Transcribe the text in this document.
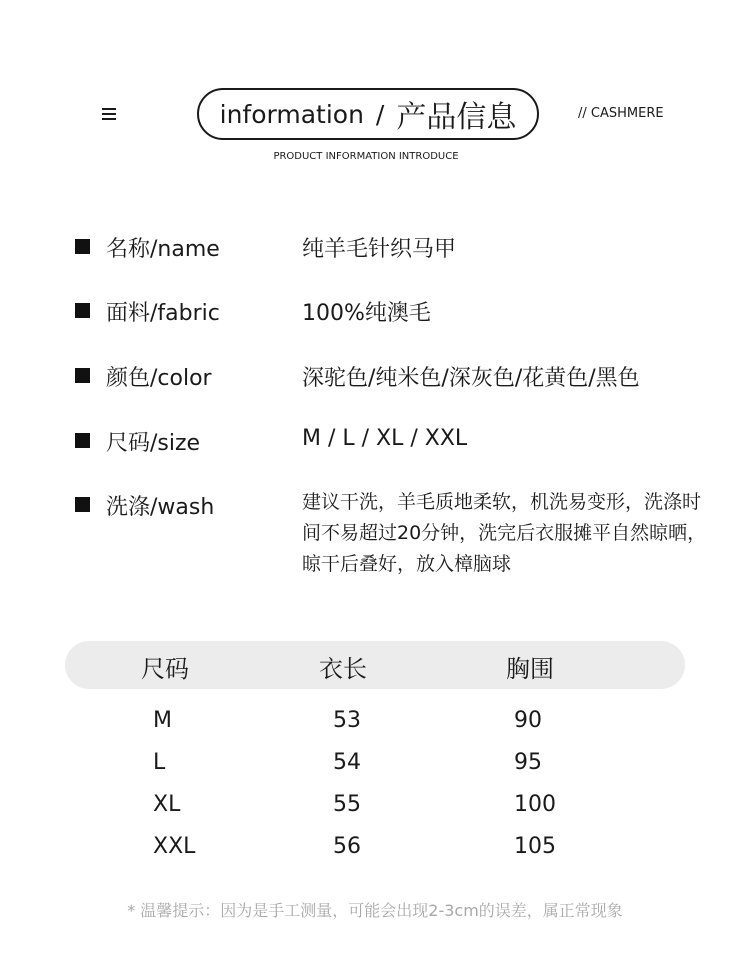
information / 产品信息	// CASHMERE
PRODUCT INFORMATION INTRODUCE
名称/name	纯羊毛针织马甲
面料/fabric	100%纯澳毛
颜色/color	深驼色/纯米色/深灰色/花黄色/黑色
尺码/size	M / L / XL / XXL
洗涤/wash	建议干洗，羊毛质地柔软，机洗易变形，洗涤时间不易超过20分钟，洗完后衣服摊平自然晾晒，晾干后叠好，放入樟脑球
尺码	衣长	胸围
M	53	90
L	54	95
XL	55	100
XXL	56	105
* 温馨提示：因为是手工测量，可能会出现2-3cm的误差，属正常现象
